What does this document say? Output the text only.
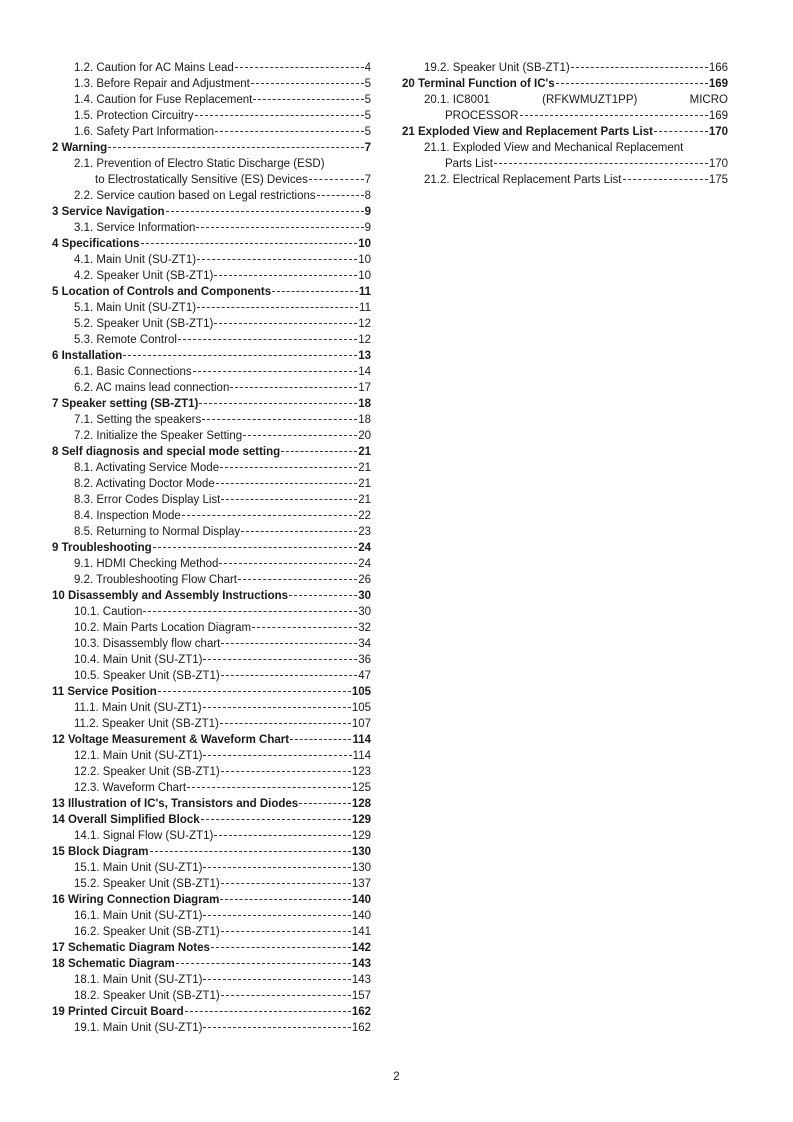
1.2. Caution for AC Mains Lead	4
1.3. Before Repair and Adjustment	5
1.4. Caution for Fuse Replacement	5
1.5. Protection Circuitry	5
1.6. Safety Part Information	5
2 Warning	7
2.1. Prevention of Electro Static Discharge (ESD)
to Electrostatically Sensitive (ES) Devices	7
2.2. Service caution based on Legal restrictions	8
3 Service Navigation	9
3.1. Service Information	9
4 Specifications	10
4.1. Main Unit (SU-ZT1)	10
4.2. Speaker Unit (SB-ZT1)	10
5 Location of Controls and Components	11
5.1. Main Unit (SU-ZT1)	11
5.2. Speaker Unit (SB-ZT1)	12
5.3. Remote Control	12
6 Installation	13
6.1. Basic Connections	14
6.2. AC mains lead connection	17
7 Speaker setting (SB-ZT1)	18
7.1. Setting the speakers	18
7.2. Initialize the Speaker Setting	20
8 Self diagnosis and special mode setting	21
8.1. Activating Service Mode	21
8.2. Activating Doctor Mode	21
8.3. Error Codes Display List	21
8.4. Inspection Mode	22
8.5. Returning to Normal Display	23
9 Troubleshooting	24
9.1. HDMI Checking Method	24
9.2. Troubleshooting Flow Chart	26
10 Disassembly and Assembly Instructions	30
10.1. Caution	30
10.2. Main Parts Location Diagram	32
10.3. Disassembly flow chart	34
10.4. Main Unit (SU-ZT1)	36
10.5. Speaker Unit (SB-ZT1)	47
11 Service Position	105
11.1. Main Unit (SU-ZT1)	105
11.2. Speaker Unit (SB-ZT1)	107
12 Voltage Measurement & Waveform Chart	114
12.1. Main Unit (SU-ZT1)	114
12.2. Speaker Unit (SB-ZT1)	123
12.3. Waveform Chart	125
13 Illustration of IC's, Transistors and Diodes	128
14 Overall Simplified Block	129
14.1. Signal Flow (SU-ZT1)	129
15 Block Diagram	130
15.1. Main Unit (SU-ZT1)	130
15.2. Speaker Unit (SB-ZT1)	137
16 Wiring Connection Diagram	140
16.1. Main Unit (SU-ZT1)	140
16.2. Speaker Unit (SB-ZT1)	141
17 Schematic Diagram Notes	142
18 Schematic Diagram	143
18.1. Main Unit (SU-ZT1)	143
18.2. Speaker Unit (SB-ZT1)	157
19 Printed Circuit Board	162
19.1. Main Unit (SU-ZT1)	162
19.2. Speaker Unit (SB-ZT1)	166
20 Terminal Function of IC's	169
20.1. IC8001	(RFKWMUZT1PP)	MICRO
PROCESSOR	169
21 Exploded View and Replacement Parts List	170
21.1. Exploded View and Mechanical Replacement
Parts List	170
21.2. Electrical Replacement Parts List	175
2
